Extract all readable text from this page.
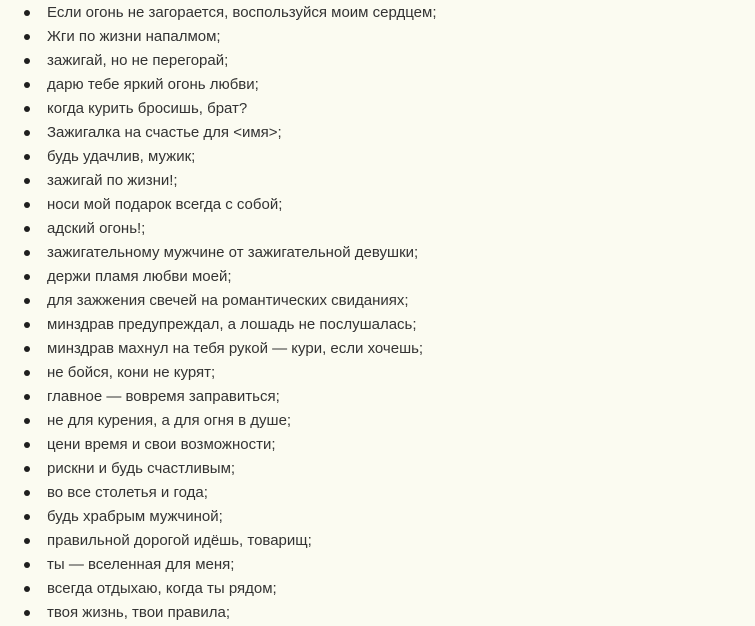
Если огонь не загорается, воспользуйся моим сердцем;
Жги по жизни напалмом;
зажигай, но не перегорай;
дарю тебе яркий огонь любви;
когда курить бросишь, брат?
Зажигалка на счастье для <имя>;
будь удачлив, мужик;
зажигай по жизни!;
носи мой подарок всегда с собой;
адский огонь!;
зажигательному мужчине от зажигательной девушки;
держи пламя любви моей;
для зажжения свечей на романтических свиданиях;
минздрав предупреждал, а лошадь не послушалась;
минздрав махнул на тебя рукой — кури, если хочешь;
не бойся, кони не курят;
главное — вовремя заправиться;
не для курения, а для огня в душе;
цени время и свои возможности;
рискни и будь счастливым;
во все столетья и года;
будь храбрым мужчиной;
правильной дорогой идёшь, товарищ;
ты — вселенная для меня;
всегда отдыхаю, когда ты рядом;
твоя жизнь, твои правила;
